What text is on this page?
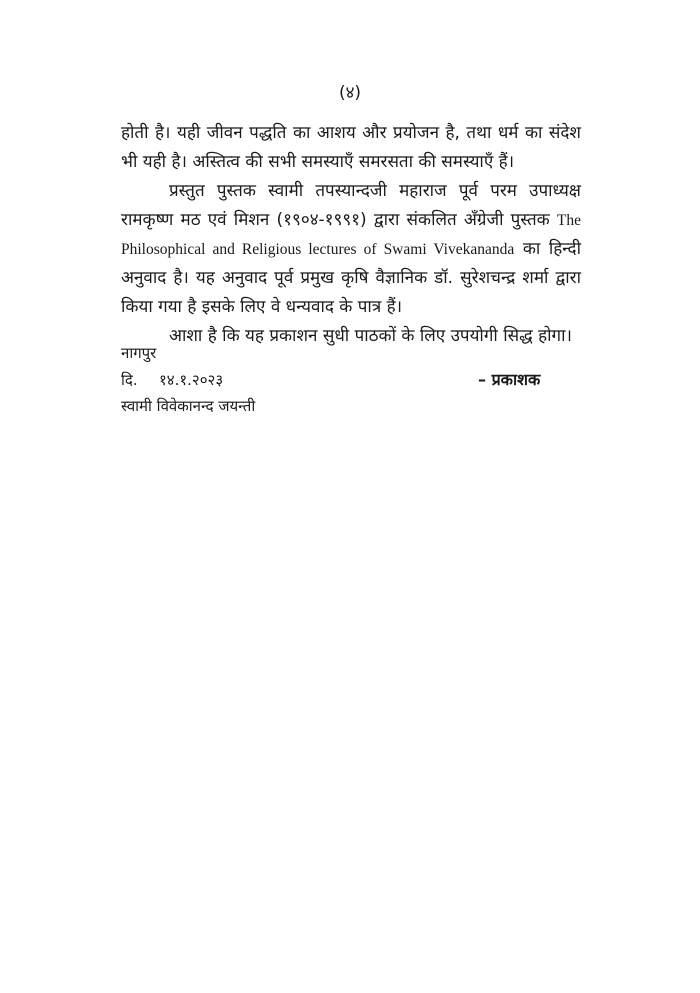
(४)

होती है। यही जीवन पद्धति का आशय और प्रयोजन है, तथा धर्म का संदेश भी यही है। अस्तित्व की सभी समस्याएँ समरसता की समस्याएँ हैं।

प्रस्तुत पुस्तक स्वामी तपस्यान्दजी महाराज पूर्व परम उपाध्यक्ष रामकृष्ण मठ एवं मिशन (१९०४-१९९१) द्वारा संकलित अँग्रेजी पुस्तक The Philosophical and Religious lectures of Swami Vivekananda का हिन्दी अनुवाद है। यह अनुवाद पूर्व प्रमुख कृषि वैज्ञानिक डॉ. सुरेशचन्द्र शर्मा द्वारा किया गया है इसके लिए वे धन्यवाद के पात्र हैं।

आशा है कि यह प्रकाशन सुधी पाठकों के लिए उपयोगी सिद्ध होगा।

नागपुर
दि. १४.१.२०२३	– प्रकाशक
स्वामी विवेकानन्द जयन्ती
